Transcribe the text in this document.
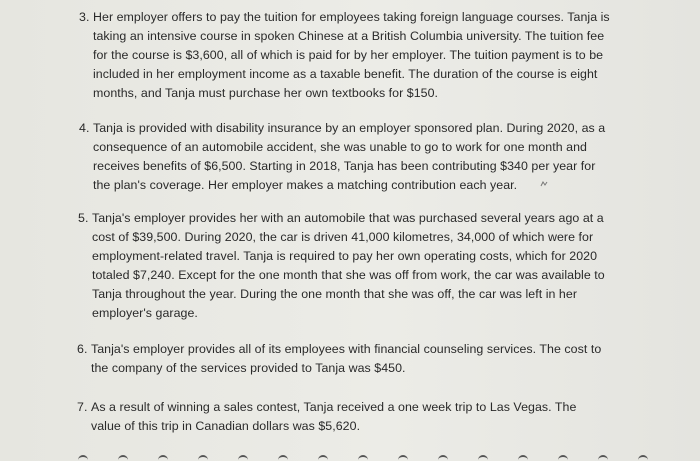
3. Her employer offers to pay the tuition for employees taking foreign language courses. Tanja is
taking an intensive course in spoken Chinese at a British Columbia university. The tuition fee
for the course is $3,600, all of which is paid for by her employer. The tuition payment is to be
included in her employment income as a taxable benefit. The duration of the course is eight
months, and Tanja must purchase her own textbooks for $150.
4. Tanja is provided with disability insurance by an employer sponsored plan. During 2020, as a
consequence of an automobile accident, she was unable to go to work for one month and
receives benefits of $6,500. Starting in 2018, Tanja has been contributing $340 per year for
the plan's coverage. Her employer makes a matching contribution each year.
5. Tanja's employer provides her with an automobile that was purchased several years ago at a
cost of $39,500. During 2020, the car is driven 41,000 kilometres, 34,000 of which were for
employment-related travel. Tanja is required to pay her own operating costs, which for 2020
totaled $7,240. Except for the one month that she was off from work, the car was available to
Tanja throughout the year. During the one month that she was off, the car was left in her
employer's garage.
6. Tanja's employer provides all of its employees with financial counseling services. The cost to
the company of the services provided to Tanja was $450.
7. As a result of winning a sales contest, Tanja received a one week trip to Las Vegas. The
value of this trip in Canadian dollars was $5,620.
